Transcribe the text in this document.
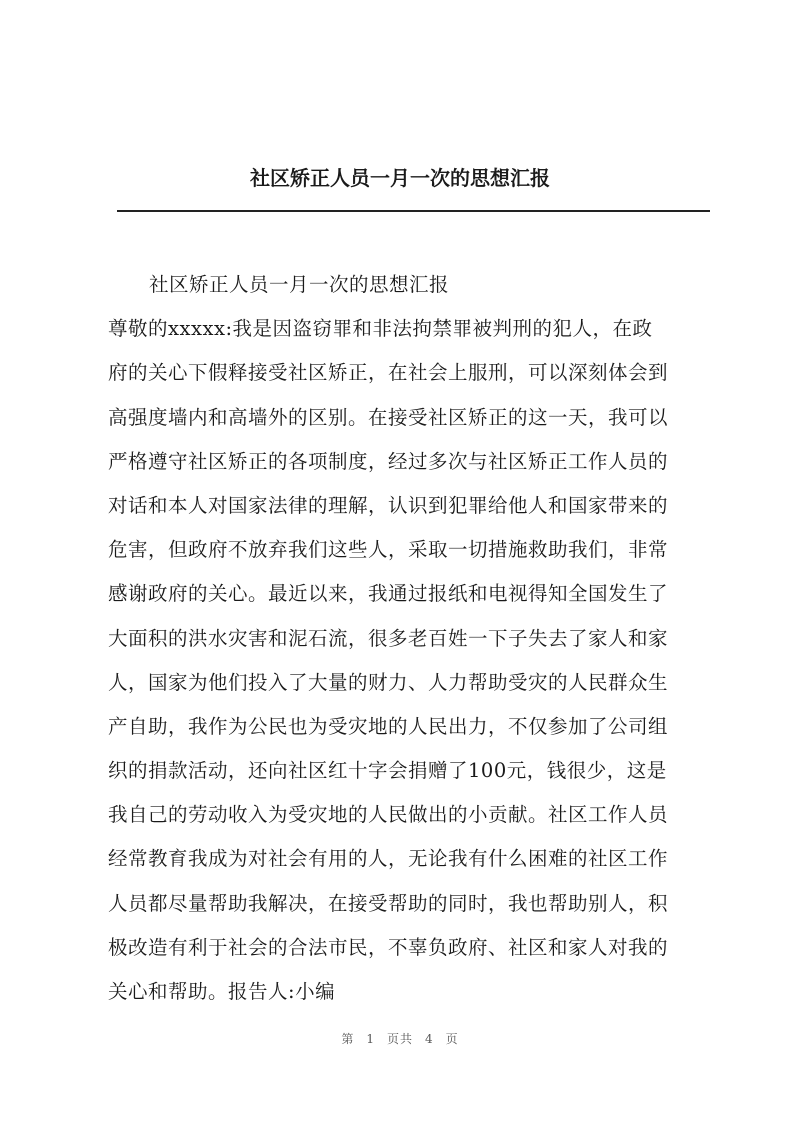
社区矫正人员一月一次的思想汇报
社区矫正人员一月一次的思想汇报
尊敬的xxxxx:我是因盗窃罪和非法拘禁罪被判刑的犯人，在政
府的关心下假释接受社区矫正，在社会上服刑，可以深刻体会到
高强度墙内和高墙外的区别。在接受社区矫正的这一天，我可以
严格遵守社区矫正的各项制度，经过多次与社区矫正工作人员的
对话和本人对国家法律的理解，认识到犯罪给他人和国家带来的
危害，但政府不放弃我们这些人，采取一切措施救助我们，非常
感谢政府的关心。最近以来，我通过报纸和电视得知全国发生了
大面积的洪水灾害和泥石流，很多老百姓一下子失去了家人和家
人，国家为他们投入了大量的财力、人力帮助受灾的人民群众生
产自助，我作为公民也为受灾地的人民出力，不仅参加了公司组
织的捐款活动，还向社区红十字会捐赠了100元，钱很少，这是
我自己的劳动收入为受灾地的人民做出的小贡献。社区工作人员
经常教育我成为对社会有用的人，无论我有什么困难的社区工作
人员都尽量帮助我解决，在接受帮助的同时，我也帮助别人，积
极改造有利于社会的合法市民，不辜负政府、社区和家人对我的
关心和帮助。报告人:小编
第 1 页共 4 页
